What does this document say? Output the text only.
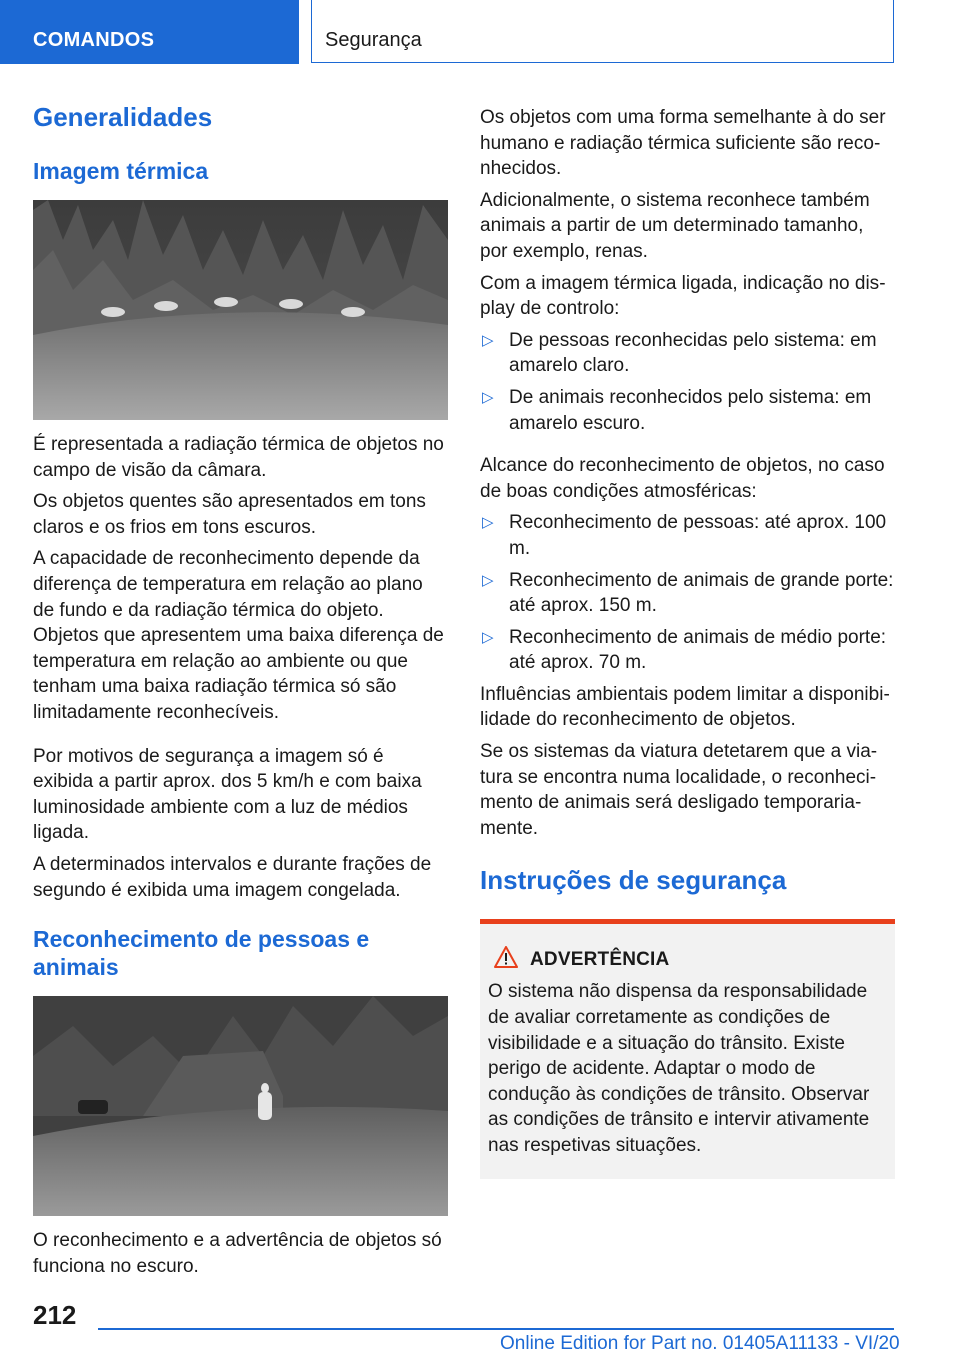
COMANDOS	Segurança
Generalidades
Imagem térmica

É representada a radiação térmica de objetos no campo de visão da câmara.

Os objetos quentes são apresentados em tons claros e os frios em tons escuros.

A capacidade de reconhecimento depende da diferença de temperatura em relação ao plano de fundo e da radiação térmica do objeto. Objetos que apresentem uma baixa diferença de temperatura em relação ao ambiente ou que tenham uma baixa radiação térmica só são limitadamente reconhecíveis.

Por motivos de segurança a imagem só é exibida a partir aprox. dos 5 km/h e com baixa luminosidade ambiente com a luz de médios ligada.

A determinados intervalos e durante frações de segundo é exibida uma imagem congelada.

Reconhecimento de pessoas e animais

O reconhecimento e a advertência de objetos só funciona no escuro.

Os objetos com uma forma semelhante à do ser humano e radiação térmica suficiente são reconhecidos.

Adicionalmente, o sistema reconhece também animais a partir de um determinado tamanho, por exemplo, renas.

Com a imagem térmica ligada, indicação no display de controlo:

▷ De pessoas reconhecidas pelo sistema: em amarelo claro.
▷ De animais reconhecidos pelo sistema: em amarelo escuro.

Alcance do reconhecimento de objetos, no caso de boas condições atmosféricas:

▷ Reconhecimento de pessoas: até aprox. 100 m.
▷ Reconhecimento de animais de grande porte: até aprox. 150 m.
▷ Reconhecimento de animais de médio porte: até aprox. 70 m.

Influências ambientais podem limitar a disponibilidade do reconhecimento de objetos.

Se os sistemas da viatura detetarem que a viatura se encontra numa localidade, o reconhecimento de animais será desligado temporariamente.

Instruções de segurança
ADVERTÊNCIA

O sistema não dispensa da responsabilidade de avaliar corretamente as condições de visibilidade e a situação do trânsito. Existe perigo de acidente. Adaptar o modo de condução às condições de trânsito. Observar as condições de trânsito e intervir ativamente nas respetivas situações.

212
Online Edition for Part no. 01405A11133 - VI/20
